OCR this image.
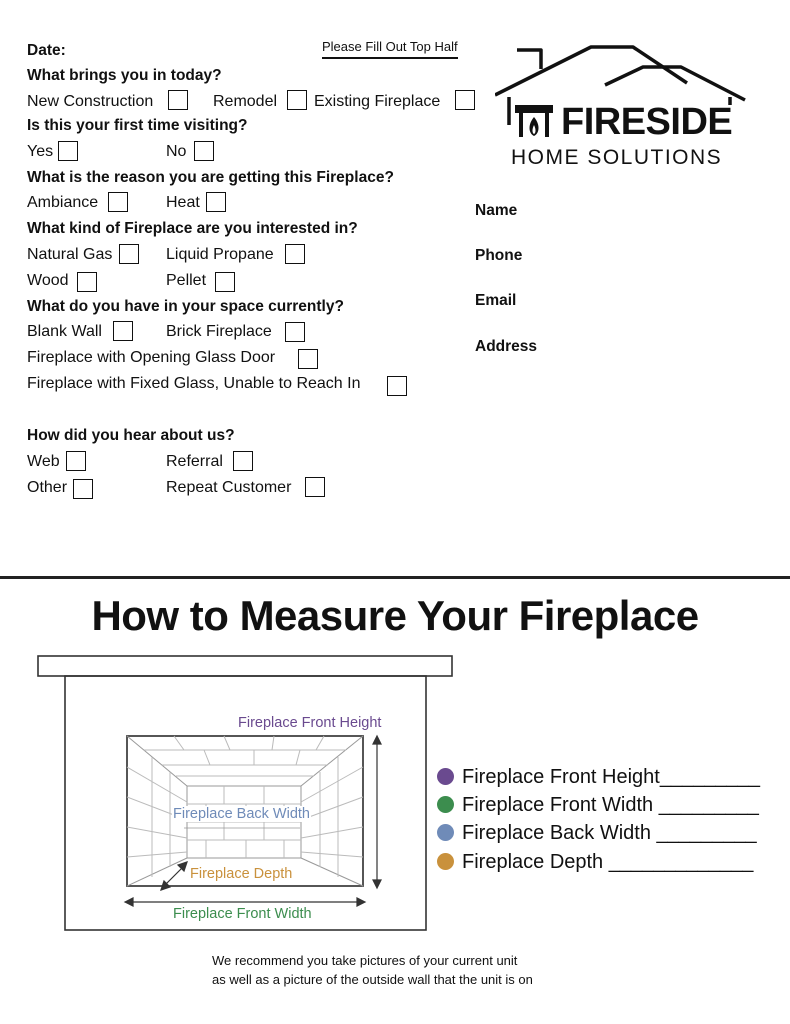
Date:	Please Fill Out Top Half
What brings you in today?
New Construction	Remodel Existing Fireplace
Is this your first time visiting?
Yes	No
What is the reason you are getting this Fireplace?
Ambiance	Heat
What kind of Fireplace are you interested in?
Natural Gas	Liquid Propane
Wood	Pellet
What do you have in your space currently?
Blank Wall	Brick Fireplace
Fireplace with Opening Glass Door
Fireplace with Fixed Glass, Unable to Reach In
How did you hear about us?
Web	Referral
Other	Repeat Customer
FIRESIDE
HOME SOLUTIONS
Name
Phone
Email
Address
How to Measure Your Fireplace
Fireplace Front Height
Fireplace Back Width
Fireplace Depth
Fireplace Front Width
Fireplace Front Height_________
Fireplace Front Width _________
Fireplace Back Width _________
Fireplace Depth _____________
We recommend you take pictures of your current unit
as well as a picture of the outside wall that the unit is on
